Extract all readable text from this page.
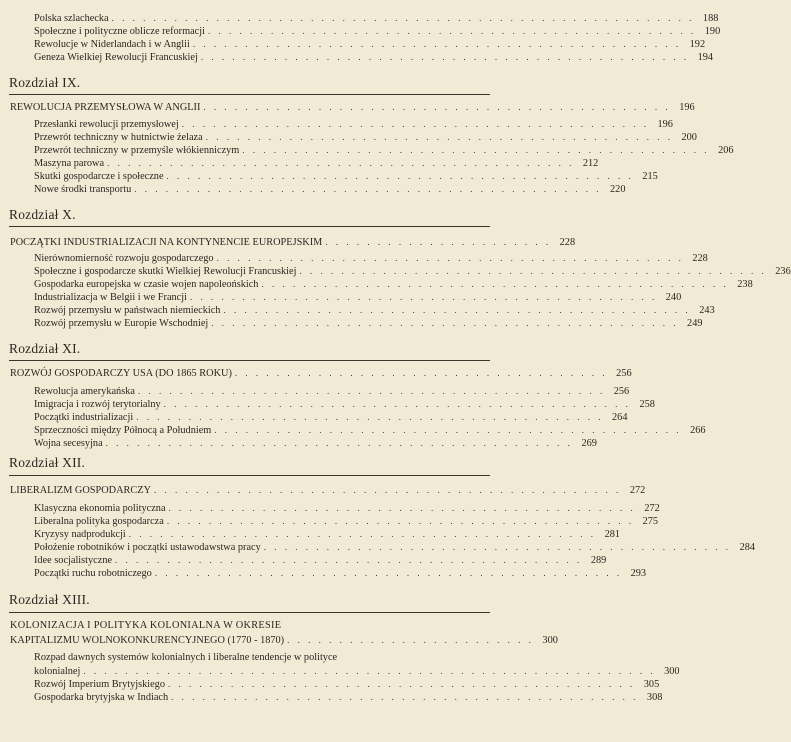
Polska szlachecka . . . . . . . . . . . . . . . . . . . . . . . . . . . . . . . . . . . . . . . . . . . . . . . . . . . . . . . . 188
Społeczne i polityczne oblicze reformacji . . . . . . . . . . . . . . . . . . . . . . . . . . . . . . . . . . . . . . . . . . . . . . . 190
Rewolucje w Niderlandach i w Anglii . . . . . . . . . . . . . . . . . . . . . . . . . . . . . . . . . . . . . . . . . . . . . . . 192
Geneza Wielkiej Rewolucji Francuskiej . . . . . . . . . . . . . . . . . . . . . . . . . . . . . . . . . . . . . . . . . . . . . . . 194
Rozdział IX.
REWOLUCJA PRZEMYSŁOWA W ANGLII . . . . . . . . . . . . . . . . . . . . . . . . . . . . . . . . . . . . . . . . . . . . . 196
Przesłanki rewolucji przemysłowej . . . . . . . . . . . . . . . . . . . . . . . . . . . . . . . . . . . . . . . . . . . . . 196
Przewrót techniczny w hutnictwie żelaza . . . . . . . . . . . . . . . . . . . . . . . . . . . . . . . . . . . . . . . . . . . . . 200
Przewrót techniczny w przemyśle włókienniczym . . . . . . . . . . . . . . . . . . . . . . . . . . . . . . . . . . . . . . . . . . . . . 206
Maszyna parowa . . . . . . . . . . . . . . . . . . . . . . . . . . . . . . . . . . . . . . . . . . . . . 212
Skutki gospodarcze i społeczne . . . . . . . . . . . . . . . . . . . . . . . . . . . . . . . . . . . . . . . . . . . . . 215
Nowe środki transportu . . . . . . . . . . . . . . . . . . . . . . . . . . . . . . . . . . . . . . . . . . . . . 220
Rozdział X.
POCZĄTKI INDUSTRIALIZACJI NA KONTYNENCIE EUROPEJSKIM . . . . . . . . . . . . . . . . . . . . . . 228
Nierównomierność rozwoju gospodarczego . . . . . . . . . . . . . . . . . . . . . . . . . . . . . . . . . . . . . . . . . . . . . 228
Społeczne i gospodarcze skutki Wielkiej Rewolucji Francuskiej . . . . . . . . . . . . . . . . . . . . . . . . . . . . . . . . . . . . . . . . . . . . . 236
Gospodarka europejska w czasie wojen napoleońskich . . . . . . . . . . . . . . . . . . . . . . . . . . . . . . . . . . . . . . . . . . . . . 238
Industrializacja w Belgii i we Francji . . . . . . . . . . . . . . . . . . . . . . . . . . . . . . . . . . . . . . . . . . . . . 240
Rozwój przemysłu w państwach niemieckich . . . . . . . . . . . . . . . . . . . . . . . . . . . . . . . . . . . . . . . . . . . . . 243
Rozwój przemysłu w Europie Wschodniej . . . . . . . . . . . . . . . . . . . . . . . . . . . . . . . . . . . . . . . . . . . . . 249
Rozdział XI.
ROZWÓJ GOSPODARCZY USA (DO 1865 ROKU) . . . . . . . . . . . . . . . . . . . . . . . . . . . . . . . . . . . . 256
Rewolucja amerykańska . . . . . . . . . . . . . . . . . . . . . . . . . . . . . . . . . . . . . . . . . . . . . 256
Imigracja i rozwój terytorialny . . . . . . . . . . . . . . . . . . . . . . . . . . . . . . . . . . . . . . . . . . . . . 258
Początki industrializacji . . . . . . . . . . . . . . . . . . . . . . . . . . . . . . . . . . . . . . . . . . . . . 264
Sprzeczności między Północą a Południem . . . . . . . . . . . . . . . . . . . . . . . . . . . . . . . . . . . . . . . . . . . . . 266
Wojna secesyjna . . . . . . . . . . . . . . . . . . . . . . . . . . . . . . . . . . . . . . . . . . . . . 269
Rozdział XII.
LIBERALIZM GOSPODARCZY . . . . . . . . . . . . . . . . . . . . . . . . . . . . . . . . . . . . . . . . . . . . . 272
Klasyczna ekonomia polityczna . . . . . . . . . . . . . . . . . . . . . . . . . . . . . . . . . . . . . . . . . . . . . 272
Liberalna polityka gospodarcza . . . . . . . . . . . . . . . . . . . . . . . . . . . . . . . . . . . . . . . . . . . . . 275
Kryzysy nadprodukcji . . . . . . . . . . . . . . . . . . . . . . . . . . . . . . . . . . . . . . . . . . . . . 281
Położenie robotników i początki ustawodawstwa pracy . . . . . . . . . . . . . . . . . . . . . . . . . . . . . . . . . . . . . . . . . . . . . 284
Idee socjalistyczne . . . . . . . . . . . . . . . . . . . . . . . . . . . . . . . . . . . . . . . . . . . . . 289
Początki ruchu robotniczego . . . . . . . . . . . . . . . . . . . . . . . . . . . . . . . . . . . . . . . . . . . . . 293
Rozdział XIII.
KOLONIZACJA I POLITYKA KOLONIALNA W OKRESIE
KAPITALIZMU WOLNOKONKURENCYJNEGO (1770 - 1870) . . . . . . . . . . . . . . . . . . . . . . . . 300
Rozpad dawnych systemów kolonialnych i liberalne tendencje w polityce
kolonialnej . . . . . . . . . . . . . . . . . . . . . . . . . . . . . . . . . . . . . . . . . . . . . . . . . . . . . . . 300
Rozwój Imperium Brytyjskiego . . . . . . . . . . . . . . . . . . . . . . . . . . . . . . . . . . . . . . . . . . . . . 305
Gospodarka brytyjska w Indiach . . . . . . . . . . . . . . . . . . . . . . . . . . . . . . . . . . . . . . . . . . . . . 308
